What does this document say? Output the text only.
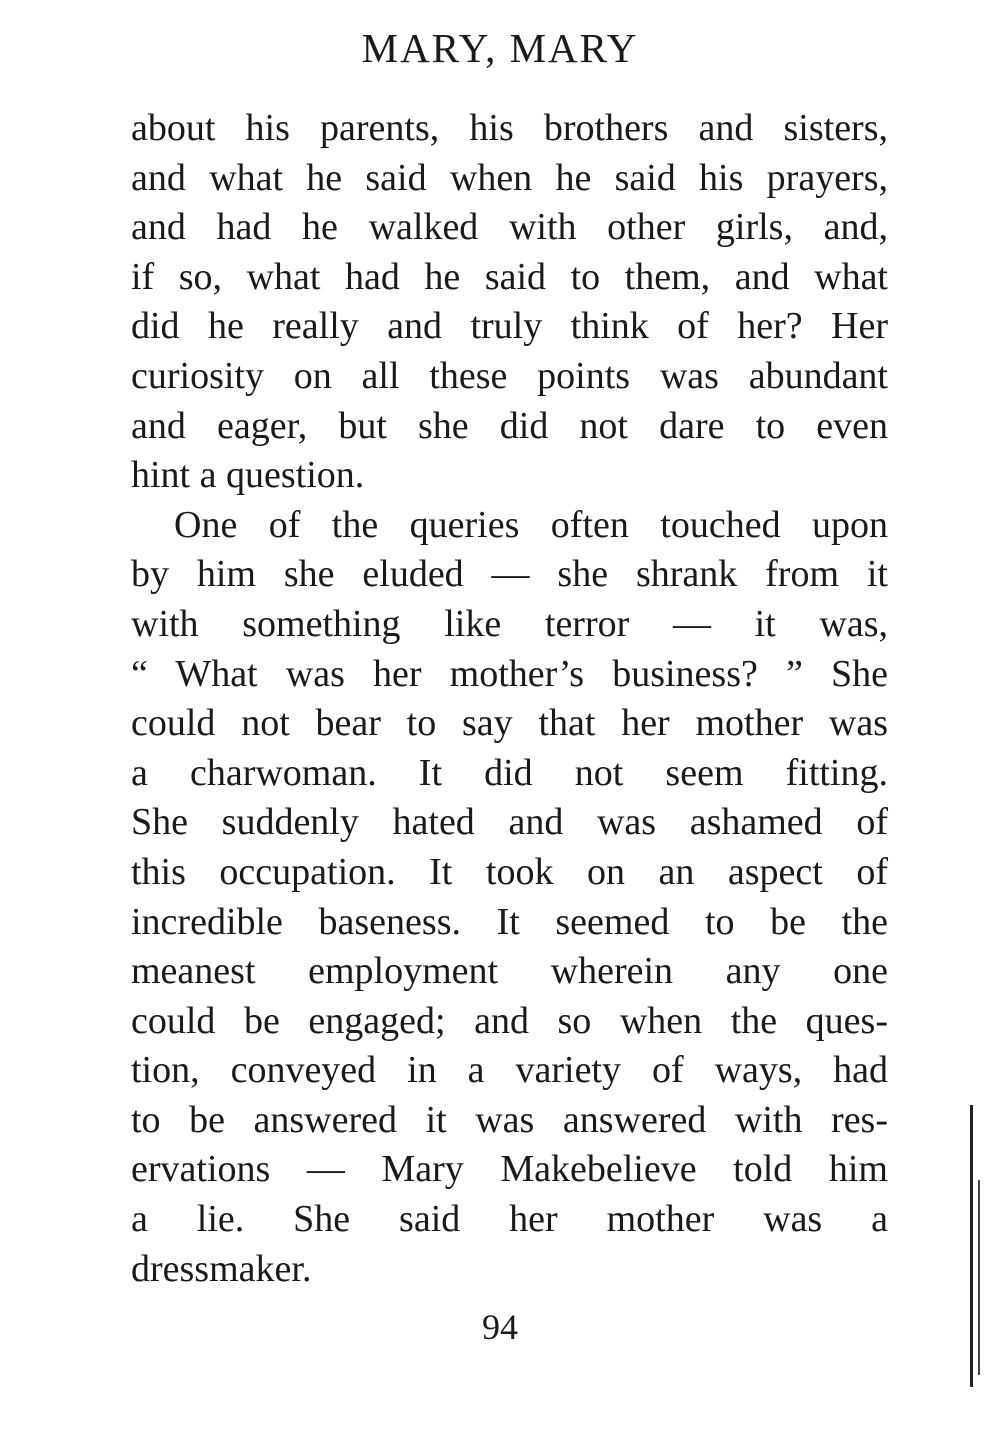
MARY, MARY
about his parents, his brothers and sisters,
and what he said when he said his prayers,
and had he walked with other girls, and,
if so, what had he said to them, and what
did he really and truly think of her? Her
curiosity on all these points was abundant
and eager, but she did not dare to even
hint a question.
One of the queries often touched upon
by him she eluded — she shrank from it
with something like terror — it was,
“ What was her mother’s business? ” She
could not bear to say that her mother was
a charwoman. It did not seem fitting.
She suddenly hated and was ashamed of
this occupation. It took on an aspect of
incredible baseness. It seemed to be the
meanest employment wherein any one
could be engaged; and so when the ques-
tion, conveyed in a variety of ways, had
to be answered it was answered with res-
ervations — Mary Makebelieve told him
a lie. She said her mother was a
dressmaker.
94
